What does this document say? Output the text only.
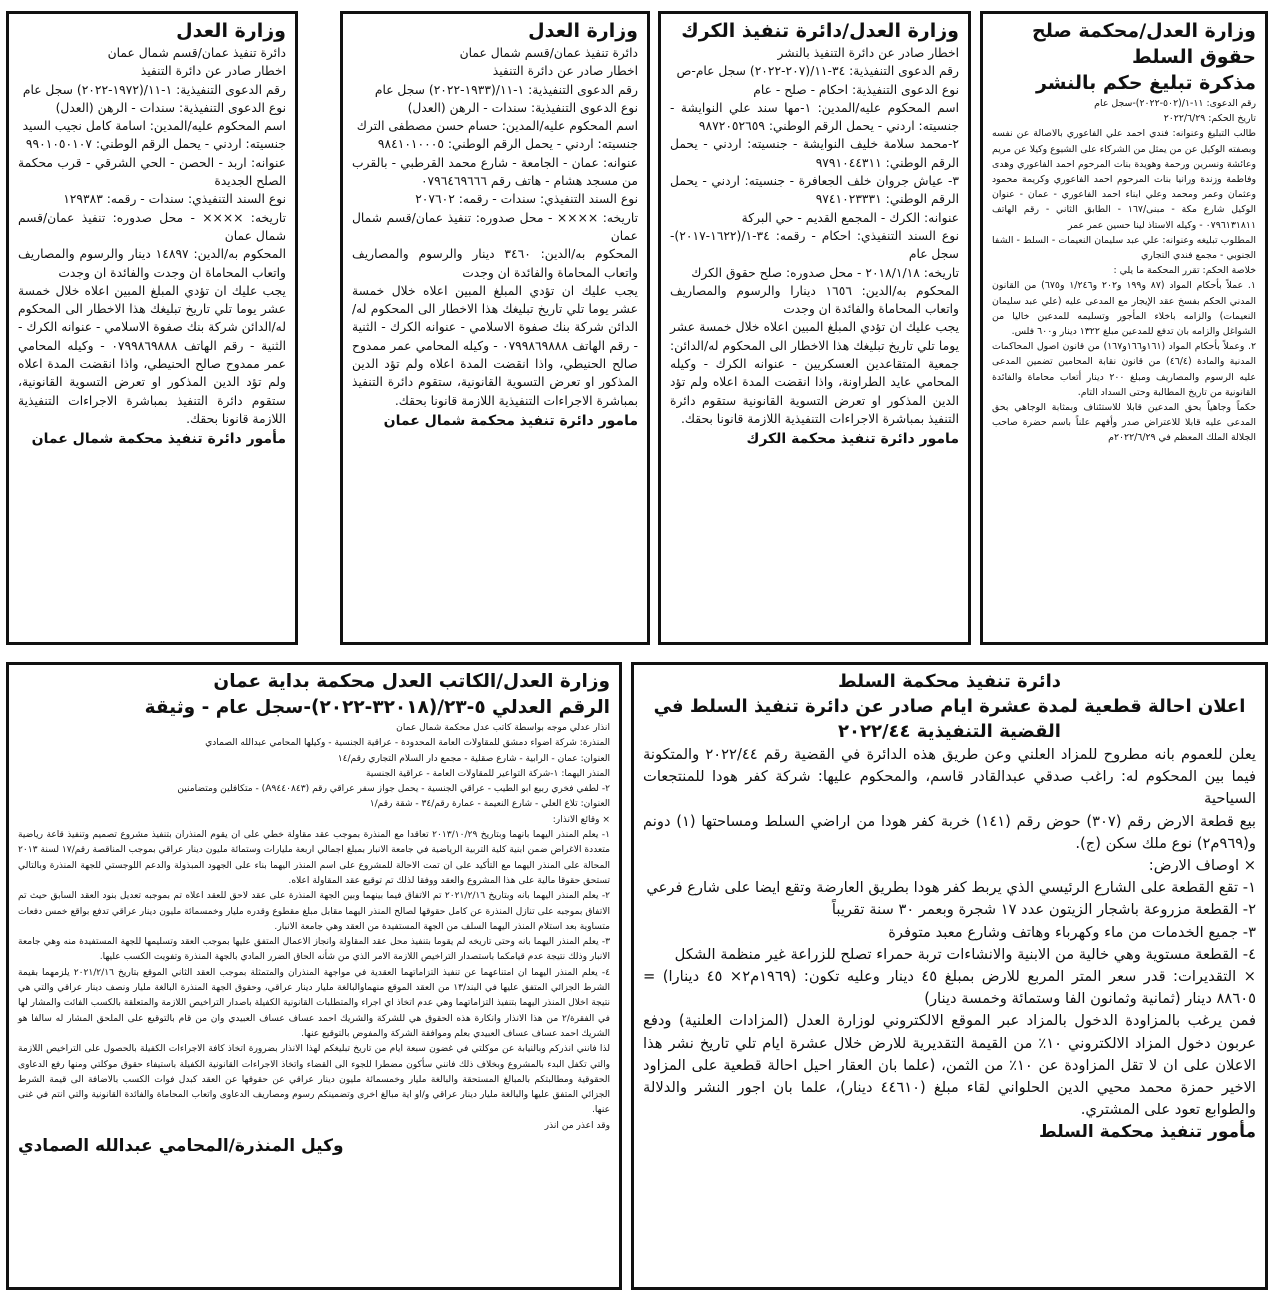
وزارة العدل/محكمة صلح حقوق السلط
مذكرة تبليغ حكم بالنشر

رقم الدعوى: ١١-١/(٥٠٢-٢٠٢٢)-سجل عام
تاريخ الحكم: ٢٠٢٢/٦/٢٩
طالب التبليغ وعنوانه: فندي احمد علي الفاعوري بالاصالة عن نفسه وبصفته الوكيل عن من يمثل من الشركاء على الشيوع وكيلا عن مريم وعائشة ونسرين ورحمة وهويدة بنات المرحوم احمد الفاعوري وهدى وفاطمة وزندة ورانيا بنات المرحوم احمد الفاعوري وكريمة محمود وعثمان وعمر ومحمد وعلي ابناء احمد الفاعوري - عمان - عنوان الوكيل شارع مكة - مبنى/١٦٧ - الطابق الثاني - رقم الهاتف ٠٧٩٦١٣١٨١١ - وكيله الاستاذ لينا حسين عمر عمر
المطلوب تبليغه وعنوانه: علي عبد سليمان النعيمات - السلط - الشفا الجنوبي - مجمع فندي التجاري
خلاصة الحكم: تقرر المحكمة ما يلي :
١. عملاً بأحكام المواد (٨٧ و١٩٩ و٢٠٢ و١/٢٤٦ و٦٧٥) من القانون المدني الحكم بفسخ عقد الإيجار مع المدعى عليه (علي عبد سليمان النعيمات) والزامه باخلاء المأجور وتسليمه للمدعين خاليا من الشواغل والزامه بان تدفع للمدعين مبلغ ١٣٢٢ دينار و٦٠٠ فلس.
٢. وعملاً بأحكام المواد (١٦١و١٦٦و١٦٧) من قانون اصول المحاكمات المدنية والمادة (٤٦/٤) من قانون نقابة المحامين تضمين المدعى عليه الرسوم والمصاريف ومبلغ ٢٠٠ دينار أتعاب محاماة والفائدة القانونية من تاريخ المطالبة وحتى السداد التام.
حكماً وجاهياً بحق المدعين قابلا للاستئناف وبمثابة الوجاهي بحق المدعى عليه قابلا للاعتراض صدر وأفهم علناً باسم حضرة صاحب الجلالة الملك المعظم في ٢٠٢٢/٦/٢٩م

وزارة العدل/دائرة تنفيذ الكرك

اخطار صادر عن دائرة التنفيذ بالنشر
رقم الدعوى التنفيذية: ٣٤-١١/(٢٠٧-٢٠٢٢) سجل عام-ص
نوع الدعوى التنفيذية: احكام - صلح - عام
اسم المحكوم عليه/المدين: ١-مها سند علي النوايشة - جنسيته: اردني - يحمل الرقم الوطني: ٩٨٧٢٠٥٢٦٥٩
٢-محمد سلامة خليف النوايشة - جنسيته: اردني - يحمل الرقم الوطني: ٩٧٩١٠٤٤٣١١
٣- عياش جروان خلف الجعافرة - جنسيته: اردني - يحمل الرقم الوطني: ٩٧٤١٠٢٣٣٣١
عنوانه: الكرك - المجمع القديم - حي البركة
نوع السند التنفيذي: احكام - رقمه: ٣٤-١/(١٦٢٢-٢٠١٧)-سجل عام
تاريخه: ٢٠١٨/١/١٨ - محل صدوره: صلح حقوق الكرك
المحكوم به/الدين: ١٦٥٦ دينارا والرسوم والمصاريف واتعاب المحاماة والفائدة ان وجدت
يجب عليك ان تؤدي المبلغ المبين اعلاه خلال خمسة عشر يوما تلي تاريخ تبليغك هذا الاخطار الى المحكوم له/الدائن: جمعية المتقاعدين العسكريين - عنوانه الكرك - وكيله المحامي عايد الطراونة، واذا انقضت المدة اعلاه ولم تؤد الدين المذكور او تعرض التسوية القانونية ستقوم دائرة التنفيذ بمباشرة الاجراءات التنفيذية اللازمة قانونا بحقك.

مامور دائرة تنفيذ محكمة الكرك

وزارة العدل

دائرة تنفيذ عمان/قسم شمال عمان
اخطار صادر عن دائرة التنفيذ
رقم الدعوى التنفيذية: ١-١١/(١٩٣٣-٢٠٢٢) سجل عام
نوع الدعوى التنفيذية: سندات - الرهن (العدل)
اسم المحكوم عليه/المدين: حسام حسن مصطفى الترك
جنسيته: اردني - يحمل الرقم الوطني: ٩٨٤١٠١٠٠٠٥
عنوانه: عمان - الجامعة - شارع محمد القرطبي - بالقرب من مسجد هشام - هاتف رقم ٠٧٩٦٤٦٩٦٦٦
نوع السند التنفيذي: سندات - رقمه: ٢٠٧٦٠٢
تاريخه: ×××× - محل صدوره: تنفيذ عمان/قسم شمال عمان
المحكوم به/الدين: ٣٤٦٠ دينار والرسوم والمصاريف واتعاب المحاماة والفائدة ان وجدت
يجب عليك ان تؤدي المبلغ المبين اعلاه خلال خمسة عشر يوما تلي تاريخ تبليغك هذا الاخطار الى المحكوم له/الدائن شركة بنك صفوة الاسلامي - عنوانه الكرك - الثنية - رقم الهاتف ٠٧٩٩٨٦٩٨٨٨ - وكيله المحامي عمر ممدوح صالح الحنيطي، واذا انقضت المدة اعلاه ولم تؤد الدين المذكور او تعرض التسوية القانونية، ستقوم دائرة التنفيذ بمباشرة الاجراءات التنفيذية اللازمة قانونا بحقك.

مامور دائرة تنفيذ محكمة شمال عمان

وزارة العدل

دائرة تنفيذ عمان/قسم شمال عمان
اخطار صادر عن دائرة التنفيذ
رقم الدعوى التنفيذية: ١-١١/(١٩٧٢-٢٠٢٢) سجل عام
نوع الدعوى التنفيذية: سندات - الرهن (العدل)
اسم المحكوم عليه/المدين: اسامة كامل نجيب السيد
جنسيته: اردني - يحمل الرقم الوطني: ٩٩٠١٠٥٠١٠٧
عنوانه: اربد - الحصن - الحي الشرقي - قرب محكمة الصلح الجديدة
نوع السند التنفيذي: سندات - رقمه: ١٢٩٣٨٣
تاريخه: ×××× - محل صدوره: تنفيذ عمان/قسم شمال عمان
المحكوم به/الدين: ١٤٨٩٧ دينار والرسوم والمصاريف واتعاب المحاماة ان وجدت والفائدة ان وجدت
يجب عليك ان تؤدي المبلغ المبين اعلاه خلال خمسة عشر يوما تلي تاريخ تبليغك هذا الاخطار الى المحكوم له/الدائن شركة بنك صفوة الاسلامي - عنوانه الكرك - الثنية - رقم الهاتف ٠٧٩٩٨٦٩٨٨٨ - وكيله المحامي عمر ممدوح صالح الحنيطي، واذا انقضت المدة اعلاه ولم تؤد الدين المذكور او تعرض التسوية القانونية، ستقوم دائرة التنفيذ بمباشرة الاجراءات التنفيذية اللازمة قانونا بحقك.

مأمور دائرة تنفيذ محكمة شمال عمان

دائرة تنفيذ محكمة السلط
اعلان احالة قطعية لمدة عشرة ايام صادر عن دائرة تنفيذ السلط في القضية التنفيذية ٢٠٢٢/٤٤

يعلن للعموم بانه مطروح للمزاد العلني وعن طريق هذه الدائرة في القضية رقم ٢٠٢٢/٤٤ والمتكونة فيما بين المحكوم له: راغب صدقي عبدالقادر قاسم، والمحكوم عليها: شركة كفر هودا للمنتجعات السياحية
بيع قطعة الارض رقم (٣٠٧) حوض رقم (١٤١) خربة كفر هودا من اراضي السلط ومساحتها (١) دونم و(٩٦٩م٢) نوع ملك سكن (ج).
× اوصاف الارض:
١- تقع القطعة على الشارع الرئيسي الذي يربط كفر هودا بطريق العارضة وتقع ايضا على شارع فرعي
٢- القطعة مزروعة باشجار الزيتون عدد ١٧ شجرة وبعمر ٣٠ سنة تقريباً
٣- جميع الخدمات من ماء وكهرباء وهاتف وشارع معبد متوفرة
٤- القطعة مستوية وهي خالية من الابنية والانشاءات تربة حمراء تصلح للزراعة غير منظمة الشكل
× التقديرات: قدر سعر المتر المربع للارض بمبلغ ٤٥ دينار وعليه تكون: (١٩٦٩م٢× ٤٥ دينارا) = ٨٨٦٠٥ دينار (ثمانية وثمانون الفا وستمائة وخمسة دينار)
فمن يرغب بالمزاودة الدخول بالمزاد عبر الموقع الالكتروني لوزارة العدل (المزادات العلنية) ودفع عربون دخول المزاد الالكتروني ١٠٪ من القيمة التقديرية للارض خلال عشرة ايام تلي تاريخ نشر هذا الاعلان على ان لا تقل المزاودة عن ١٠٪ من الثمن، (علما بان العقار احيل احالة قطعية على المزاود الاخير حمزة محمد محيي الدين الحلواني لقاء مبلغ (٤٤٦١٠ دينار)، علما بان اجور النشر والدلالة والطوابع تعود على المشتري.

مأمور تنفيذ محكمة السلط

وزارة العدل/الكاتب العدل محكمة بداية عمان
الرقم العدلي ٥-٢٣/(٣٢٠١٨-٢٠٢٢)-سجل عام - وثيقة

انذار عدلي موجه بواسطة كاتب عدل محكمة شمال عمان
المنذرة: شركة اضواء دمشق للمقاولات العامة المحدودة - عراقية الجنسية - وكيلها المحامي عبدالله الصمادي
العنوان: عمان - الرابية - شارع صقلية - مجمع دار السلام التجاري رقم/١٤
المنذر اليهما: ١-شركة التواعير للمقاولات العامة - عراقية الجنسية
٢- لطفي فخري ربيع ابو الطيب - عراقي الجنسية - يحمل جواز سفر عراقي رقم (A٩٤٤٠٨٤٣) - متكافلين ومتضامنين
العنوان: تلاع العلي - شارع النعيمة - عمارة رقم/٣٤ - شقة رقم/١
× وقائع الانذار:
١- يعلم المنذر اليهما بانهما وبتاريخ ٢٠١٣/١٠/٢٩ تعاقدا مع المنذرة بموجب عقد مقاولة خطي على ان يقوم المنذران بتنفيذ مشروع تصميم وتنفيذ قاعة رياضية متعددة الاغراض ضمن ابنية كلية التربية الرياضية في جامعة الانبار بمبلغ اجمالي اربعة مليارات وستمائة مليون دينار عراقي بموجب المناقصة رقم/١٧ لسنة ٢٠١٣ المحالة على المنذر اليهما مع التأكيد على ان تمت الاحالة للمشروع على اسم المنذر اليهما بناء على الجهود المبذولة والدعم اللوجستي للجهة المنذرة وبالتالي تستحق حقوقا مالية على هذا المشروع والعقد ووفقا لذلك تم توقيع عقد المقاولة اعلاه.
٢- يعلم المنذر اليهما بانه وبتاريخ ٢٠٢١/٢/١٦ تم الاتفاق فيما بينهما وبين الجهة المنذرة على عقد لاحق للعقد اعلاه تم بموجبه تعديل بنود العقد السابق حيث تم الاتفاق بموجبه على تنازل المنذرة عن كامل حقوقها لصالح المنذر اليهما مقابل مبلغ مقطوع وقدره مليار وخمسمائة مليون دينار عراقي تدفع بواقع خمس دفعات متساوية بعد استلام المنذر اليهما السلف من الجهة المستفيدة من العقد وهي جامعة الانبار.
٣- يعلم المنذر اليهما بانه وحتى تاريخه لم يقوما بتنفيذ محل عقد المقاولة وانجاز الاعمال المتفق عليها بموجب العقد وتسليمها للجهة المستفيدة منه وهي جامعة الانبار وذلك نتيجة عدم قيامكما باستصدار التراخيص اللازمة الامر الذي من شأنه الحاق الضرر المادي بالجهة المنذرة وتفويت الكسب عليها.
٤- يعلم المنذر اليهما ان امتناعهما عن تنفيذ التزاماتهما العقدية في مواجهة المنذران والمتمثلة بموجب العقد الثاني الموقع بتاريخ ٢٠٢١/٢/١٦ يلزمهما بقيمة الشرط الجزائي المتفق عليها في البند/١٣ من العقد الموقع منهماوالبالغة مليار دينار عراقي، وحقوق الجهة المنذرة البالغة مليار ونصف دينار عراقي والتي هي نتيجة اخلال المنذر اليهما بتنفيذ التزاماتهما وهي عدم اتخاذ اي اجراء والمتطلبات القانونية الكفيلة باصدار التراخيص اللازمة والمتعلقة بالكسب الفائت والمشار لها في الفقرة/٢ من هذا الانذار وانكارة هذه الحقوق هي للشركة والشريك احمد عساف عساف العبيدي وان من قام بالتوقيع على الملحق المشار له سالفا هو الشريك احمد عساف عساف العبيدي بعلم وموافقة الشركة والمفوض بالتوقيع عنها.
لذا فانني انذركم وبالنيابة عن موكلتي في غضون سبعة ايام من تاريخ تبليغكم لهذا الانذار بضرورة اتخاذ كافة الاجراءات الكفيلة بالحصول على التراخيص اللازمة والتي تكفل البدء بالمشروع وبخلاف ذلك فانني سأكون مضطرا للجوء الى القضاء واتخاذ الاجراءات القانونية الكفيلة باستيفاء حقوق موكلتي ومنها رفع الدعاوى الحقوقية ومطالبتكم بالمبالغ المستحقة والبالغة مليار وخمسمائة مليون دينار عراقي عن حقوقها عن العقد كبدل فوات الكسب بالاضافة الى قيمة الشرط الجزائي المتفق عليها والبالغة مليار دينار عراقي و/او اية مبالغ اخرى وتضمينكم رسوم ومصاريف الدعاوى واتعاب المحاماة والفائدة القانونية والتي انتم في غنى عنها.
وقد اعذر من انذر

وكيل المنذرة/المحامي عبدالله الصمادي
